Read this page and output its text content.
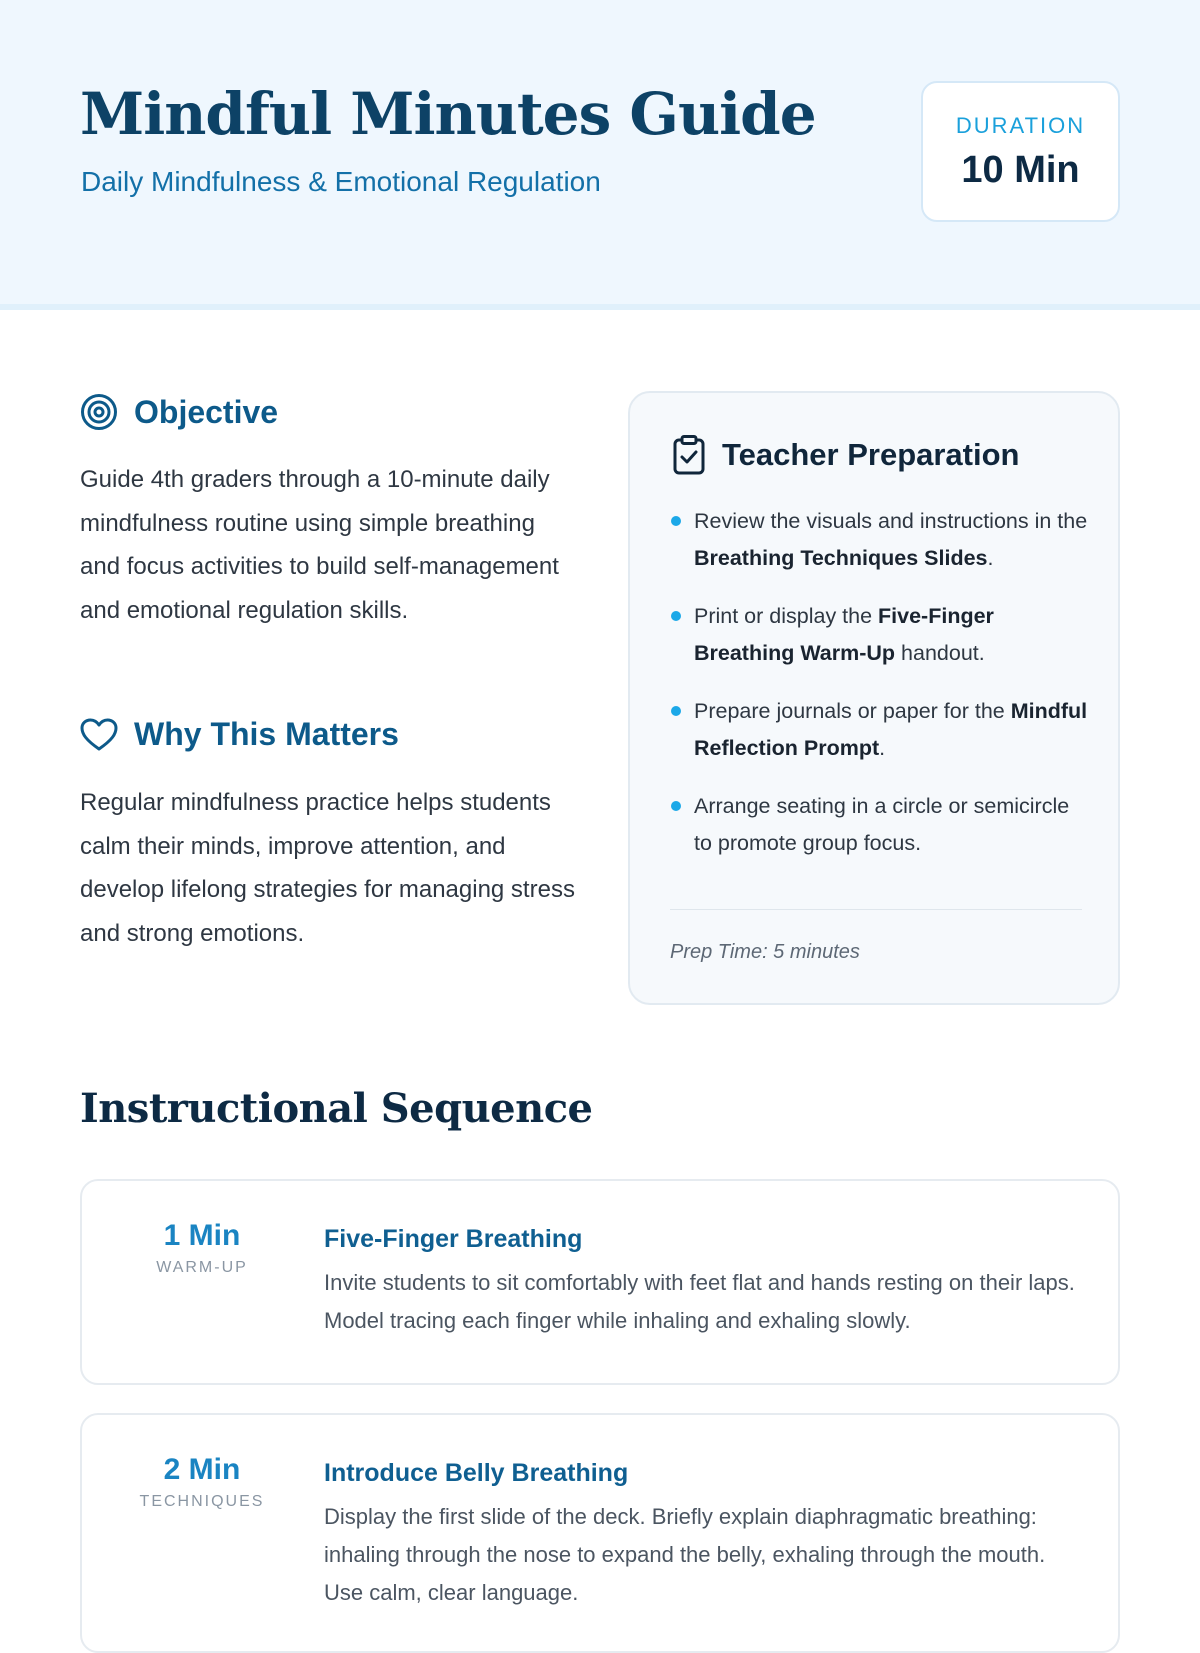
Mindful Minutes Guide
Daily Mindfulness & Emotional Regulation
DURATION
10 Min
Objective

Guide 4th graders through a 10-minute daily mindfulness routine using simple breathing and focus activities to build self-management and emotional regulation skills.

Why This Matters

Regular mindfulness practice helps students calm their minds, improve attention, and develop lifelong strategies for managing stress and strong emotions.

Teacher Preparation
Review the visuals and instructions in the Breathing Techniques Slides.
Print or display the Five-Finger Breathing Warm-Up handout.
Prepare journals or paper for the Mindful Reflection Prompt.
Arrange seating in a circle or semicircle to promote group focus.
Prep Time: 5 minutes
Instructional Sequence
1 Min
WARM-UP
Five-Finger Breathing
Invite students to sit comfortably with feet flat and hands resting on their laps. Model tracing each finger while inhaling and exhaling slowly.
2 Min
TECHNIQUES
Introduce Belly Breathing
Display the first slide of the deck. Briefly explain diaphragmatic breathing: inhaling through the nose to expand the belly, exhaling through the mouth. Use calm, clear language.
